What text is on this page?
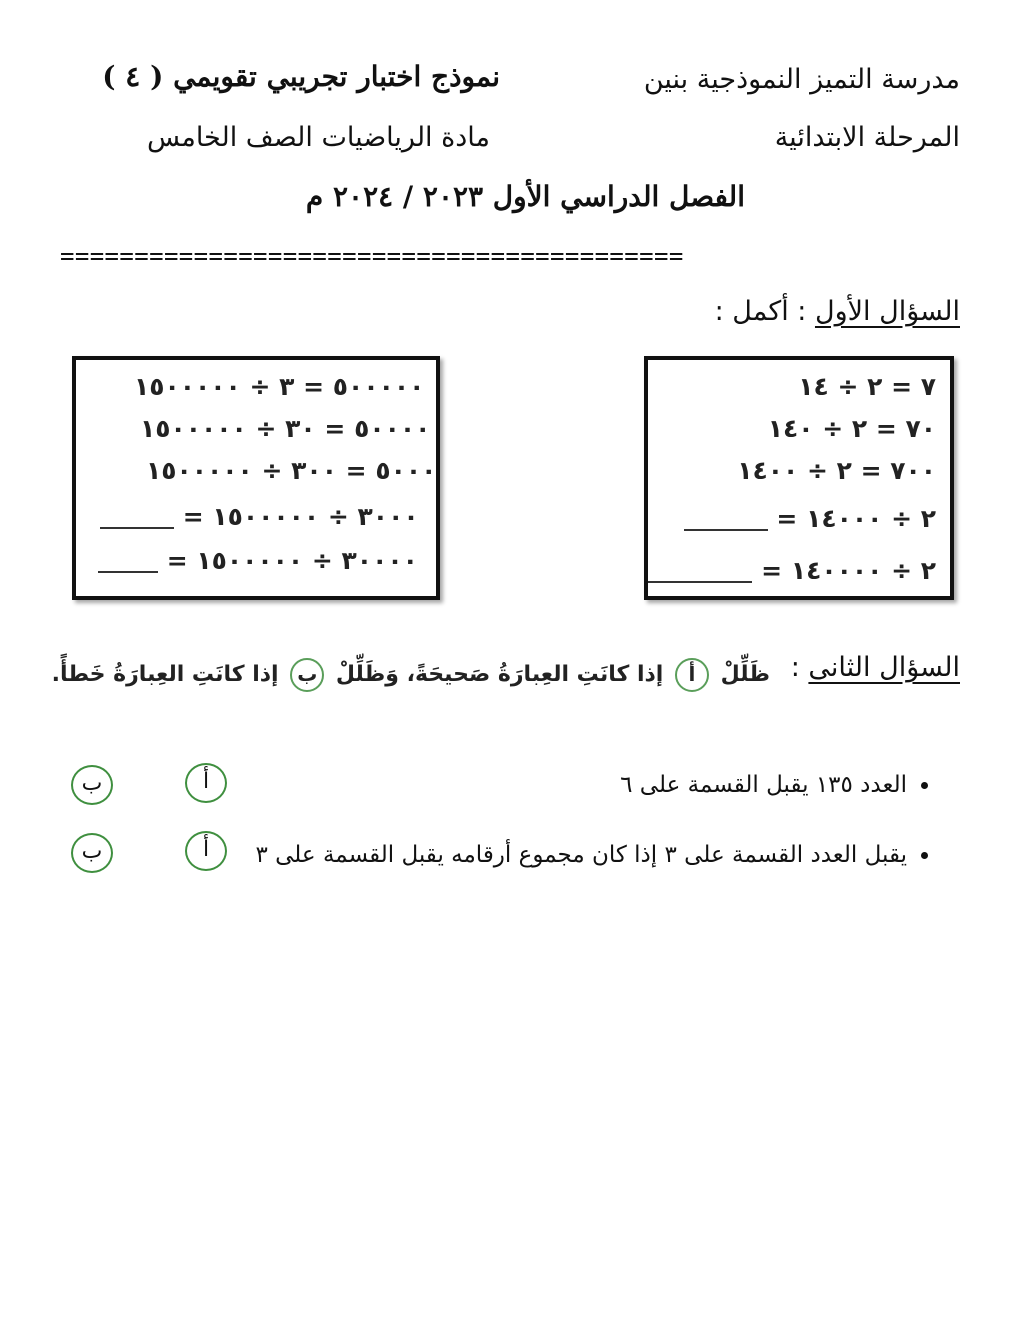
مدرسة التميز النموذجية بنين
نموذج اختبار تجريبي تقويمي ( ٤ )
المرحلة الابتدائية
مادة الرياضيات الصف الخامس
الفصل الدراسي الأول ٢٠٢٣ / ٢٠٢٤ م
==========================================
السؤال الأول : أكمل :
٥٠٠٠٠٠ = ٣ ÷ ١٥٠٠٠٠٠
٥٠٠٠٠ = ٣٠ ÷ ١٥٠٠٠٠٠
٥٠٠٠ = ٣٠٠ ÷ ١٥٠٠٠٠٠
= ٣٠٠٠ ÷ ١٥٠٠٠٠٠
= ٣٠٠٠٠ ÷ ١٥٠٠٠٠٠
٧ = ٢ ÷ ١٤
٧٠ = ٢ ÷ ١٤٠
٧٠٠ = ٢ ÷ ١٤٠٠
= ٢ ÷ ١٤٠٠٠
= ٢ ÷ ١٤٠٠٠٠
السؤال الثانى :
ظَلِّلْ أ إذا كانَتِ العِبارَةُ صَحيحَةً، وَظَلِّلْ ب إذا كانَتِ العِبارَةُ خَطأً.
العدد ١٣٥ يقبل القسمة على ٦
أ
ب
يقبل العدد القسمة على ٣ إذا كان مجموع أرقامه يقبل القسمة على ٣
أ
ب
